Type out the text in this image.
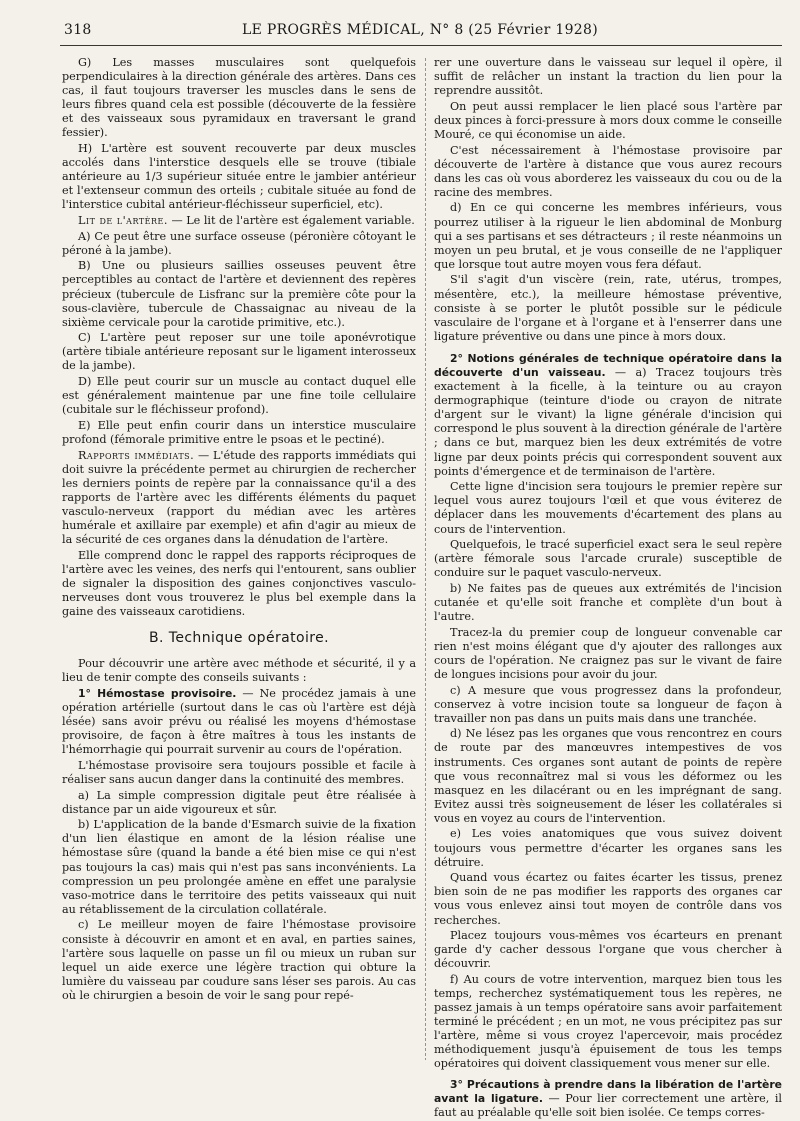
318	LE PROGRÈS MÉDICAL, N° 8 (25 Février 1928)

G) Les masses musculaires sont quelquefois perpendiculaires à la direction générale des artères. Dans ces cas, il faut toujours traverser les muscles dans le sens de leurs fibres quand cela est possible (découverte de la fessière et des vaisseaux sous pyramidaux en traversant le grand fessier).

H) L'artère est souvent recouverte par deux muscles accolés dans l'interstice desquels elle se trouve (tibiale antérieure au 1/3 supérieur située entre le jambier antérieur et l'extenseur commun des orteils ; cubitale située au fond de l'interstice cubital antérieur-fléchisseur superficiel, etc).

Lit de l'artère. — Le lit de l'artère est également variable.

A) Ce peut être une surface osseuse (péronière côtoyant le péroné à la jambe).

B) Une ou plusieurs saillies osseuses peuvent être perceptibles au contact de l'artère et deviennent des repères précieux (tubercule de Lisfranc sur la première côte pour la sous-clavière, tubercule de Chassaignac au niveau de la sixième cervicale pour la carotide primitive, etc.).

C) L'artère peut reposer sur une toile aponévrotique (artère tibiale antérieure reposant sur le ligament interosseux de la jambe).

D) Elle peut courir sur un muscle au contact duquel elle est généralement maintenue par une fine toile cellulaire (cubitale sur le fléchisseur profond).

E) Elle peut enfin courir dans un interstice musculaire profond (fémorale primitive entre le psoas et le pectiné).

Rapports immédiats. — L'étude des rapports immédiats qui doit suivre la précédente permet au chirurgien de rechercher les derniers points de repère par la connaissance qu'il a des rapports de l'artère avec les différents éléments du paquet vasculo-nerveux (rapport du médian avec les artères humérale et axillaire par exemple) et afin d'agir au mieux de la sécurité de ces organes dans la dénudation de l'artère.

Elle comprend donc le rappel des rapports réciproques de l'artère avec les veines, des nerfs qui l'entourent, sans oublier de signaler la disposition des gaines conjonctives vasculo-nerveuses dont vous trouverez le plus bel exemple dans la gaine des vaisseaux carotidiens.

B. Technique opératoire.

Pour découvrir une artère avec méthode et sécurité, il y a lieu de tenir compte des conseils suivants :

1° Hémostase provisoire. — Ne procédez jamais à une opération artérielle (surtout dans le cas où l'artère est déjà lésée) sans avoir prévu ou réalisé les moyens d'hémostase provisoire, de façon à être maîtres à tous les instants de l'hémorrhagie qui pourrait survenir au cours de l'opération.

L'hémostase provisoire sera toujours possible et facile à réaliser sans aucun danger dans la continuité des membres.

a) La simple compression digitale peut être réalisée à distance par un aide vigoureux et sûr.

b) L'application de la bande d'Esmarch suivie de la fixation d'un lien élastique en amont de la lésion réalise une hémostase sûre (quand la bande a été bien mise ce qui n'est pas toujours la cas) mais qui n'est pas sans inconvénients. La compression un peu prolongée amène en effet une paralysie vaso-motrice dans le territoire des petits vaisseaux qui nuit au rétablissement de la circulation collatérale.

c) Le meilleur moyen de faire l'hémostase provisoire consiste à découvrir en amont et en aval, en parties saines, l'artère sous laquelle on passe un fil ou mieux un ruban sur lequel un aide exerce une légère traction qui obture la lumière du vaisseau par coudure sans léser ses parois. Au cas où le chirurgien a besoin de voir le sang pour repé-

rer une ouverture dans le vaisseau sur lequel il opère, il suffit de relâcher un instant la traction du lien pour la reprendre aussitôt.

On peut aussi remplacer le lien placé sous l'artère par deux pinces à forci-pressure à mors doux comme le conseille Mouré, ce qui économise un aide.

C'est nécessairement à l'hémostase provisoire par découverte de l'artère à distance que vous aurez recours dans les cas où vous aborderez les vaisseaux du cou ou de la racine des membres.

d) En ce qui concerne les membres inférieurs, vous pourrez utiliser à la rigueur le lien abdominal de Monburg qui a ses partisans et ses détracteurs ; il reste néanmoins un moyen un peu brutal, et je vous conseille de ne l'appliquer que lorsque tout autre moyen vous fera défaut.

S'il s'agit d'un viscère (rein, rate, utérus, trompes, mésentère, etc.), la meilleure hémostase préventive, consiste à se porter le plutôt possible sur le pédicule vasculaire de l'organe et à l'organe et à l'enserrer dans une ligature préventive ou dans une pince à mors doux.

2° Notions générales de technique opératoire dans la découverte d'un vaisseau. — a) Tracez toujours très exactement à la ficelle, à la teinture ou au crayon dermographique (teinture d'iode ou crayon de nitrate d'argent sur le vivant) la ligne générale d'incision qui correspond le plus souvent à la direction générale de l'artère ; dans ce but, marquez bien les deux extrémités de votre ligne par deux points précis qui correspondent souvent aux points d'émergence et de terminaison de l'artère.

Cette ligne d'incision sera toujours le premier repère sur lequel vous aurez toujours l'œil et que vous éviterez de déplacer dans les mouvements d'écartement des plans au cours de l'intervention.

Quelquefois, le tracé superficiel exact sera le seul repère (artère fémorale sous l'arcade crurale) susceptible de conduire sur le paquet vasculo-nerveux.

b) Ne faites pas de queues aux extrémités de l'incision cutanée et qu'elle soit franche et complète d'un bout à l'autre.

Tracez-la du premier coup de longueur convenable car rien n'est moins élégant que d'y ajouter des rallonges aux cours de l'opération. Ne craignez pas sur le vivant de faire de longues incisions pour avoir du jour.

c) A mesure que vous progressez dans la profondeur, conservez à votre incision toute sa longueur de façon à travailler non pas dans un puits mais dans une tranchée.

d) Ne lésez pas les organes que vous rencontrez en cours de route par des manœuvres intempestives de vos instruments. Ces organes sont autant de points de repère que vous reconnaîtrez mal si vous les déformez ou les masquez en les dilacérant ou en les imprégnant de sang. Evitez aussi très soigneusement de léser les collatérales si vous en voyez au cours de l'intervention.

e) Les voies anatomiques que vous suivez doivent toujours vous permettre d'écarter les organes sans les détruire.

Quand vous écartez ou faites écarter les tissus, prenez bien soin de ne pas modifier les rapports des organes car vous vous enlevez ainsi tout moyen de contrôle dans vos recherches.

Placez toujours vous-mêmes vos écarteurs en prenant garde d'y cacher dessous l'organe que vous chercher à découvrir.

f) Au cours de votre intervention, marquez bien tous les temps, recherchez systématiquement tous les repères, ne passez jamais à un temps opératoire sans avoir parfaitement terminé le précédent ; en un mot, ne vous précipitez pas sur l'artère, même si vous croyez l'apercevoir, mais procédez méthodiquement jusqu'à épuisement de tous les temps opératoires qui doivent classiquement vous mener sur elle.

3° Précautions à prendre dans la libération de l'artère avant la ligature. — Pour lier correctement une artère, il faut au préalable qu'elle soit bien isolée. Ce temps corres-
